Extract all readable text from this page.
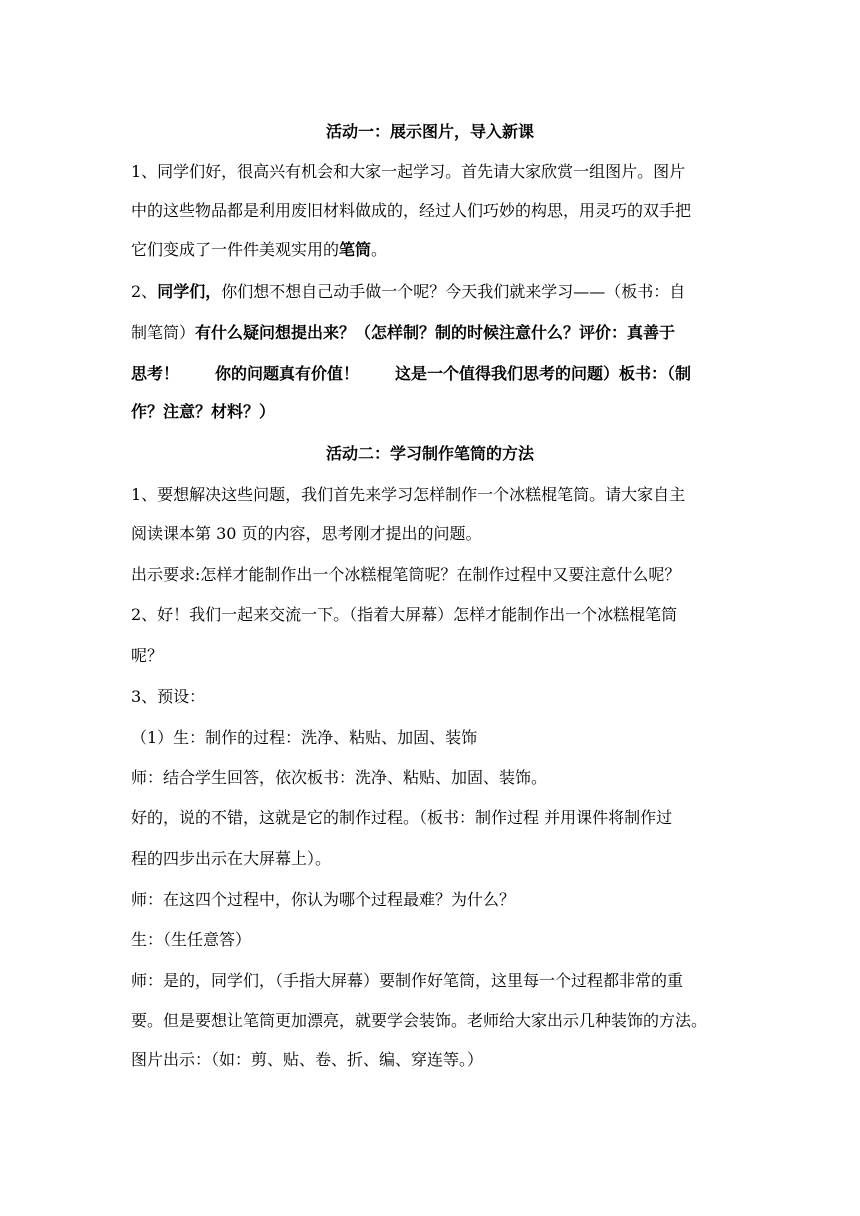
活动一：展示图片，导入新课
1、同学们好，很高兴有机会和大家一起学习。首先请大家欣赏一组图片。图片
中的这些物品都是利用废旧材料做成的，经过人们巧妙的构思，用灵巧的双手把
它们变成了一件件美观实用的笔筒。
2、同学们，你们想不想自己动手做一个呢？今天我们就来学习——（板书：自
制笔筒）有什么疑问想提出来？（怎样制？制的时候注意什么？评价：真善于
思考！ 你的问题真有价值！ 这是一个值得我们思考的问题）板书：（制
作？注意？材料？）
活动二：学习制作笔筒的方法
1、要想解决这些问题，我们首先来学习怎样制作一个冰糕棍笔筒。请大家自主
阅读课本第 30 页的内容，思考刚才提出的问题。
出示要求:怎样才能制作出一个冰糕棍笔筒呢？在制作过程中又要注意什么呢？
2、好！我们一起来交流一下。（指着大屏幕）怎样才能制作出一个冰糕棍笔筒
呢？
3、预设：
（1）生：制作的过程：洗净、粘贴、加固、装饰
师：结合学生回答，依次板书：洗净、粘贴、加固、装饰。
好的，说的不错，这就是它的制作过程。（板书：制作过程 并用课件将制作过
程的四步出示在大屏幕上）。
师：在这四个过程中，你认为哪个过程最难？为什么？
生：（生任意答）
师：是的，同学们，（手指大屏幕）要制作好笔筒，这里每一个过程都非常的重
要。但是要想让笔筒更加漂亮，就要学会装饰。老师给大家出示几种装饰的方法。
图片出示：（如：剪、贴、卷、折、编、穿连等。）
